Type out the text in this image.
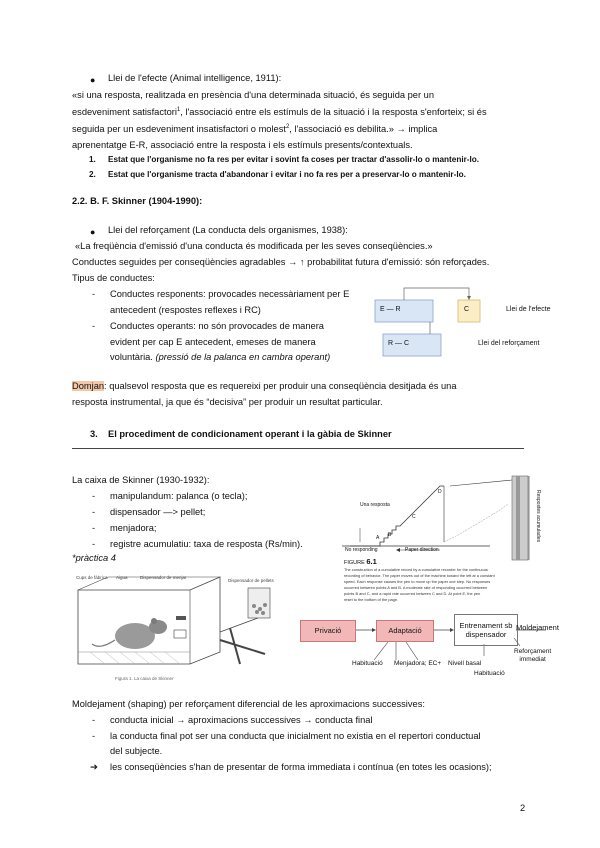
● Llei de l'efecte (Animal intelligence, 1911):
«si una resposta, realitzada en presència d'una determinada situació, és seguida per un
esdeveniment satisfactori$^1$, l'associació entre els estímuls de la situació i la resposta s'enforteix; si és
seguida per un esdeveniment insatisfactori o molest$^2$, l'associació es debilita.» → implica
aprenentatge E-R, associació entre la resposta i els estímuls presents/contextuals.
1. Estat que l'organisme no fa res per evitar i sovint fa coses per tractar d'assolir-lo o mantenir-lo.
2. Estat que l'organisme tracta d'abandonar i evitar i no fa res per a preservar-lo o mantenir-lo.
2.2. B. F. Skinner (1904-1990):
● Llei del reforçament (La conducta dels organismes, 1938):
«La freqüència d'emissió d'una conducta és modificada per les seves conseqüències.»
Conductes seguides per conseqüències agradables → ↑ probabilitat futura d'emissió: són reforçades.
Tipus de conductes:
- Conductes responents: provocades necessàriament per E
antecedent (respostes reflexes i RC)
- Conductes operants: no són provocades de manera
evident per cap E antecedent, emeses de manera
voluntària. (pressió de la palanca en cambra operant)
E — R	C
R — C
Llei de l'efecte
Llei del reforçament
Domjan: qualsevol resposta que es requereixi per produir una conseqüència desitjada és una
resposta instrumental, ja que és “decisiva” per produir un resultat particular.
3. El procediment de condicionament operant i la gàbia de Skinner
La caixa de Skinner (1930-1932):
- manipulandum: palanca (o tecla);
- dispensador —> pellet;
- menjadora;
- registre acumulatiu: taxa de resposta (Rs/min).
*pràctica 4
Cups de fàbrica Aigua	Dispensador de menjar
Dispensador de pellets
Figura 1. La caixa de Skinner
Respostes acumulades
Una resposta
No responding	Paper direction
A B
C
D
FIGURE 6.1
The construction of a cumulative record by a cumulative recorder for the continuous
recording of behavior. The paper moves out of the machine toward the left at a constant
speed. Each response causes the pen to move up the paper one step. No responses
occurred between points A and B. A moderate rate of responding occurred between
points B and C, and a rapid rate occurred between C and D. At point E, the pen
reset to the bottom of the page.
Privació	Adaptació
Entrenament sb
dispensador
Moldejament
Habituació Menjadora; EC+ Nivell basal
Reforçament
immediat
Habituació
Moldejament (shaping) per reforçament diferencial de les aproximacions successives:
- conducta inicial → aproximacions successives → conducta final
- la conducta final pot ser una conducta que inicialment no existia en el repertori conductual
del subjecte.
➔ les conseqüències s'han de presentar de forma immediata i contínua (en totes les ocasions);
2
